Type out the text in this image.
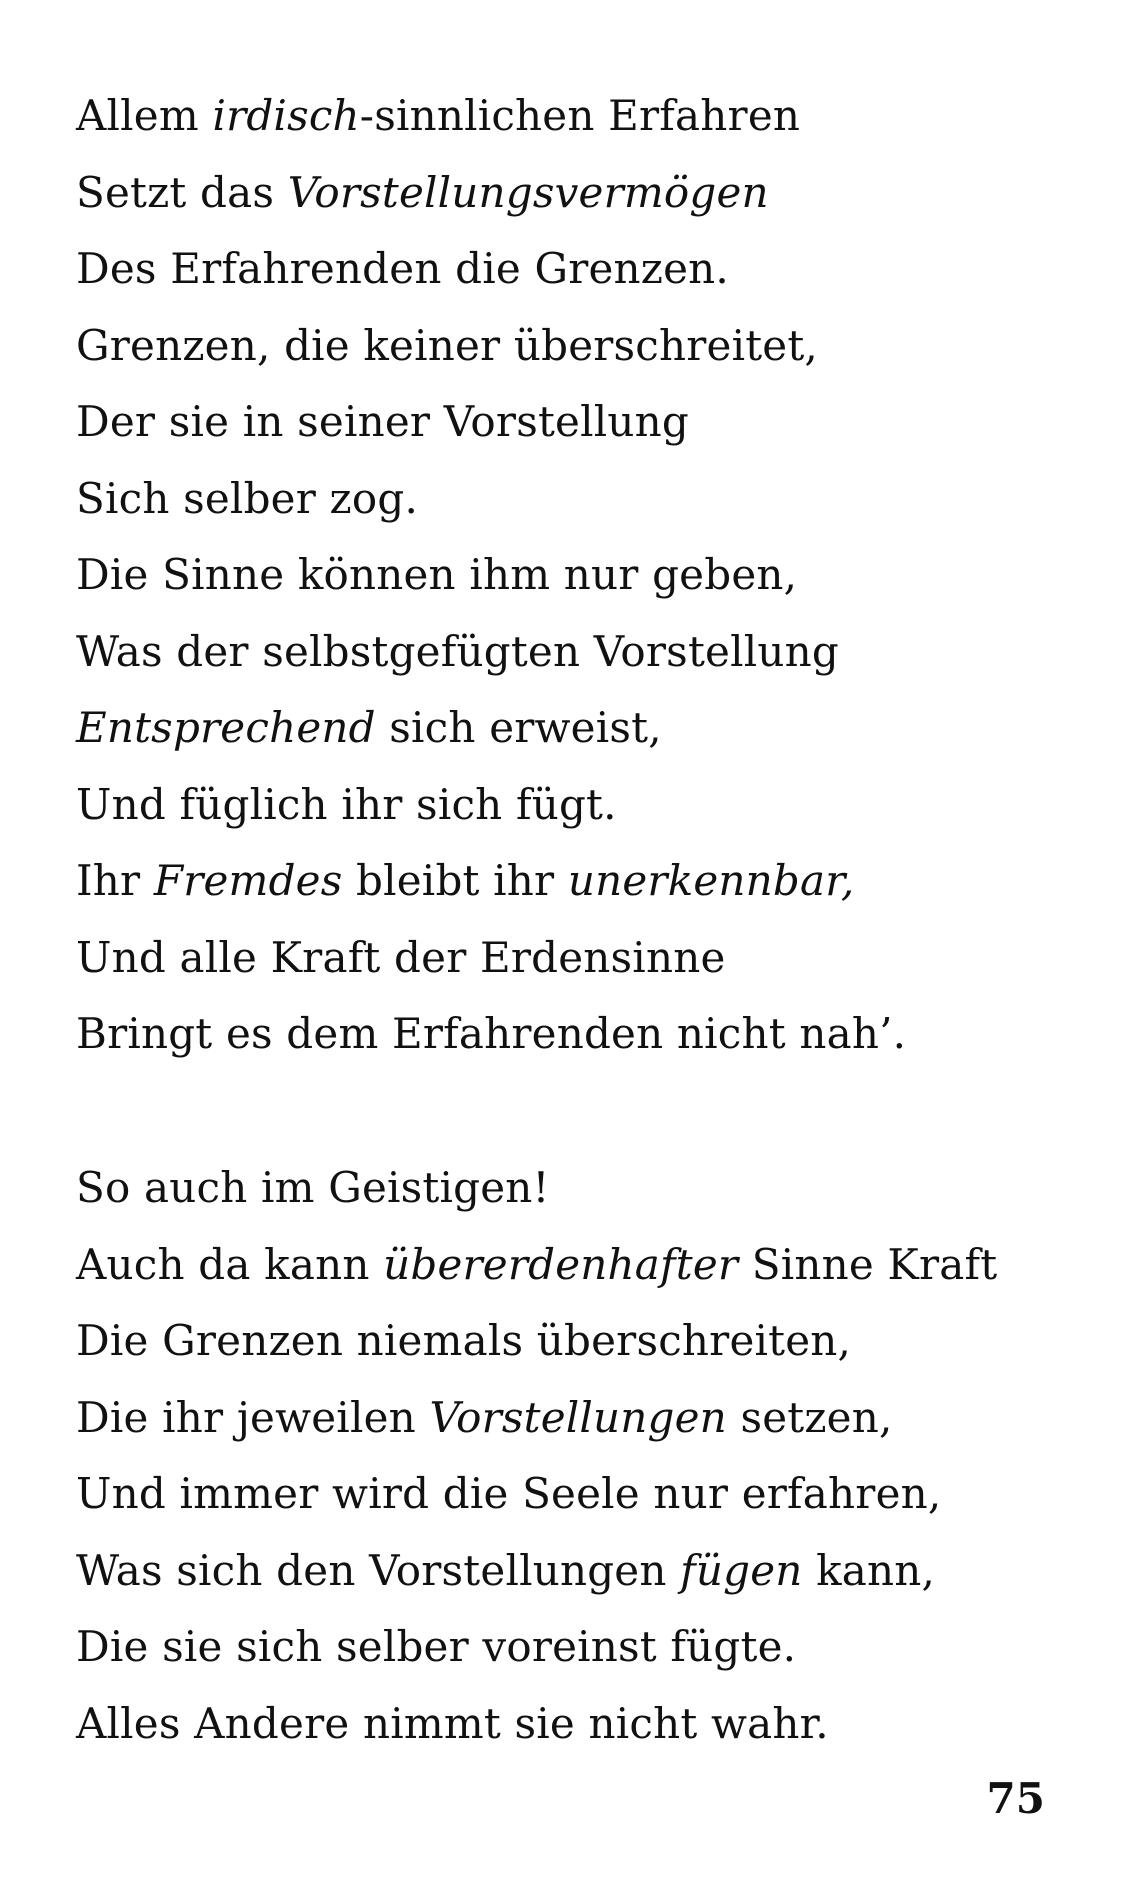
Allem irdisch-sinnlichen Erfahren
Setzt das Vorstellungsvermögen
Des Erfahrenden die Grenzen.
Grenzen, die keiner überschreitet,
Der sie in seiner Vorstellung
Sich selber zog.
Die Sinne können ihm nur geben,
Was der selbstgefügten Vorstellung
Entsprechend sich erweist,
Und füglich ihr sich fügt.
Ihr Fremdes bleibt ihr unerkennbar,
Und alle Kraft der Erdensinne
Bringt es dem Erfahrenden nicht nah’.
So auch im Geistigen!
Auch da kann übererdenhafter Sinne Kraft
Die Grenzen niemals überschreiten,
Die ihr jeweilen Vorstellungen setzen,
Und immer wird die Seele nur erfahren,
Was sich den Vorstellungen fügen kann,
Die sie sich selber voreinst fügte.
Alles Andere nimmt sie nicht wahr.
75
